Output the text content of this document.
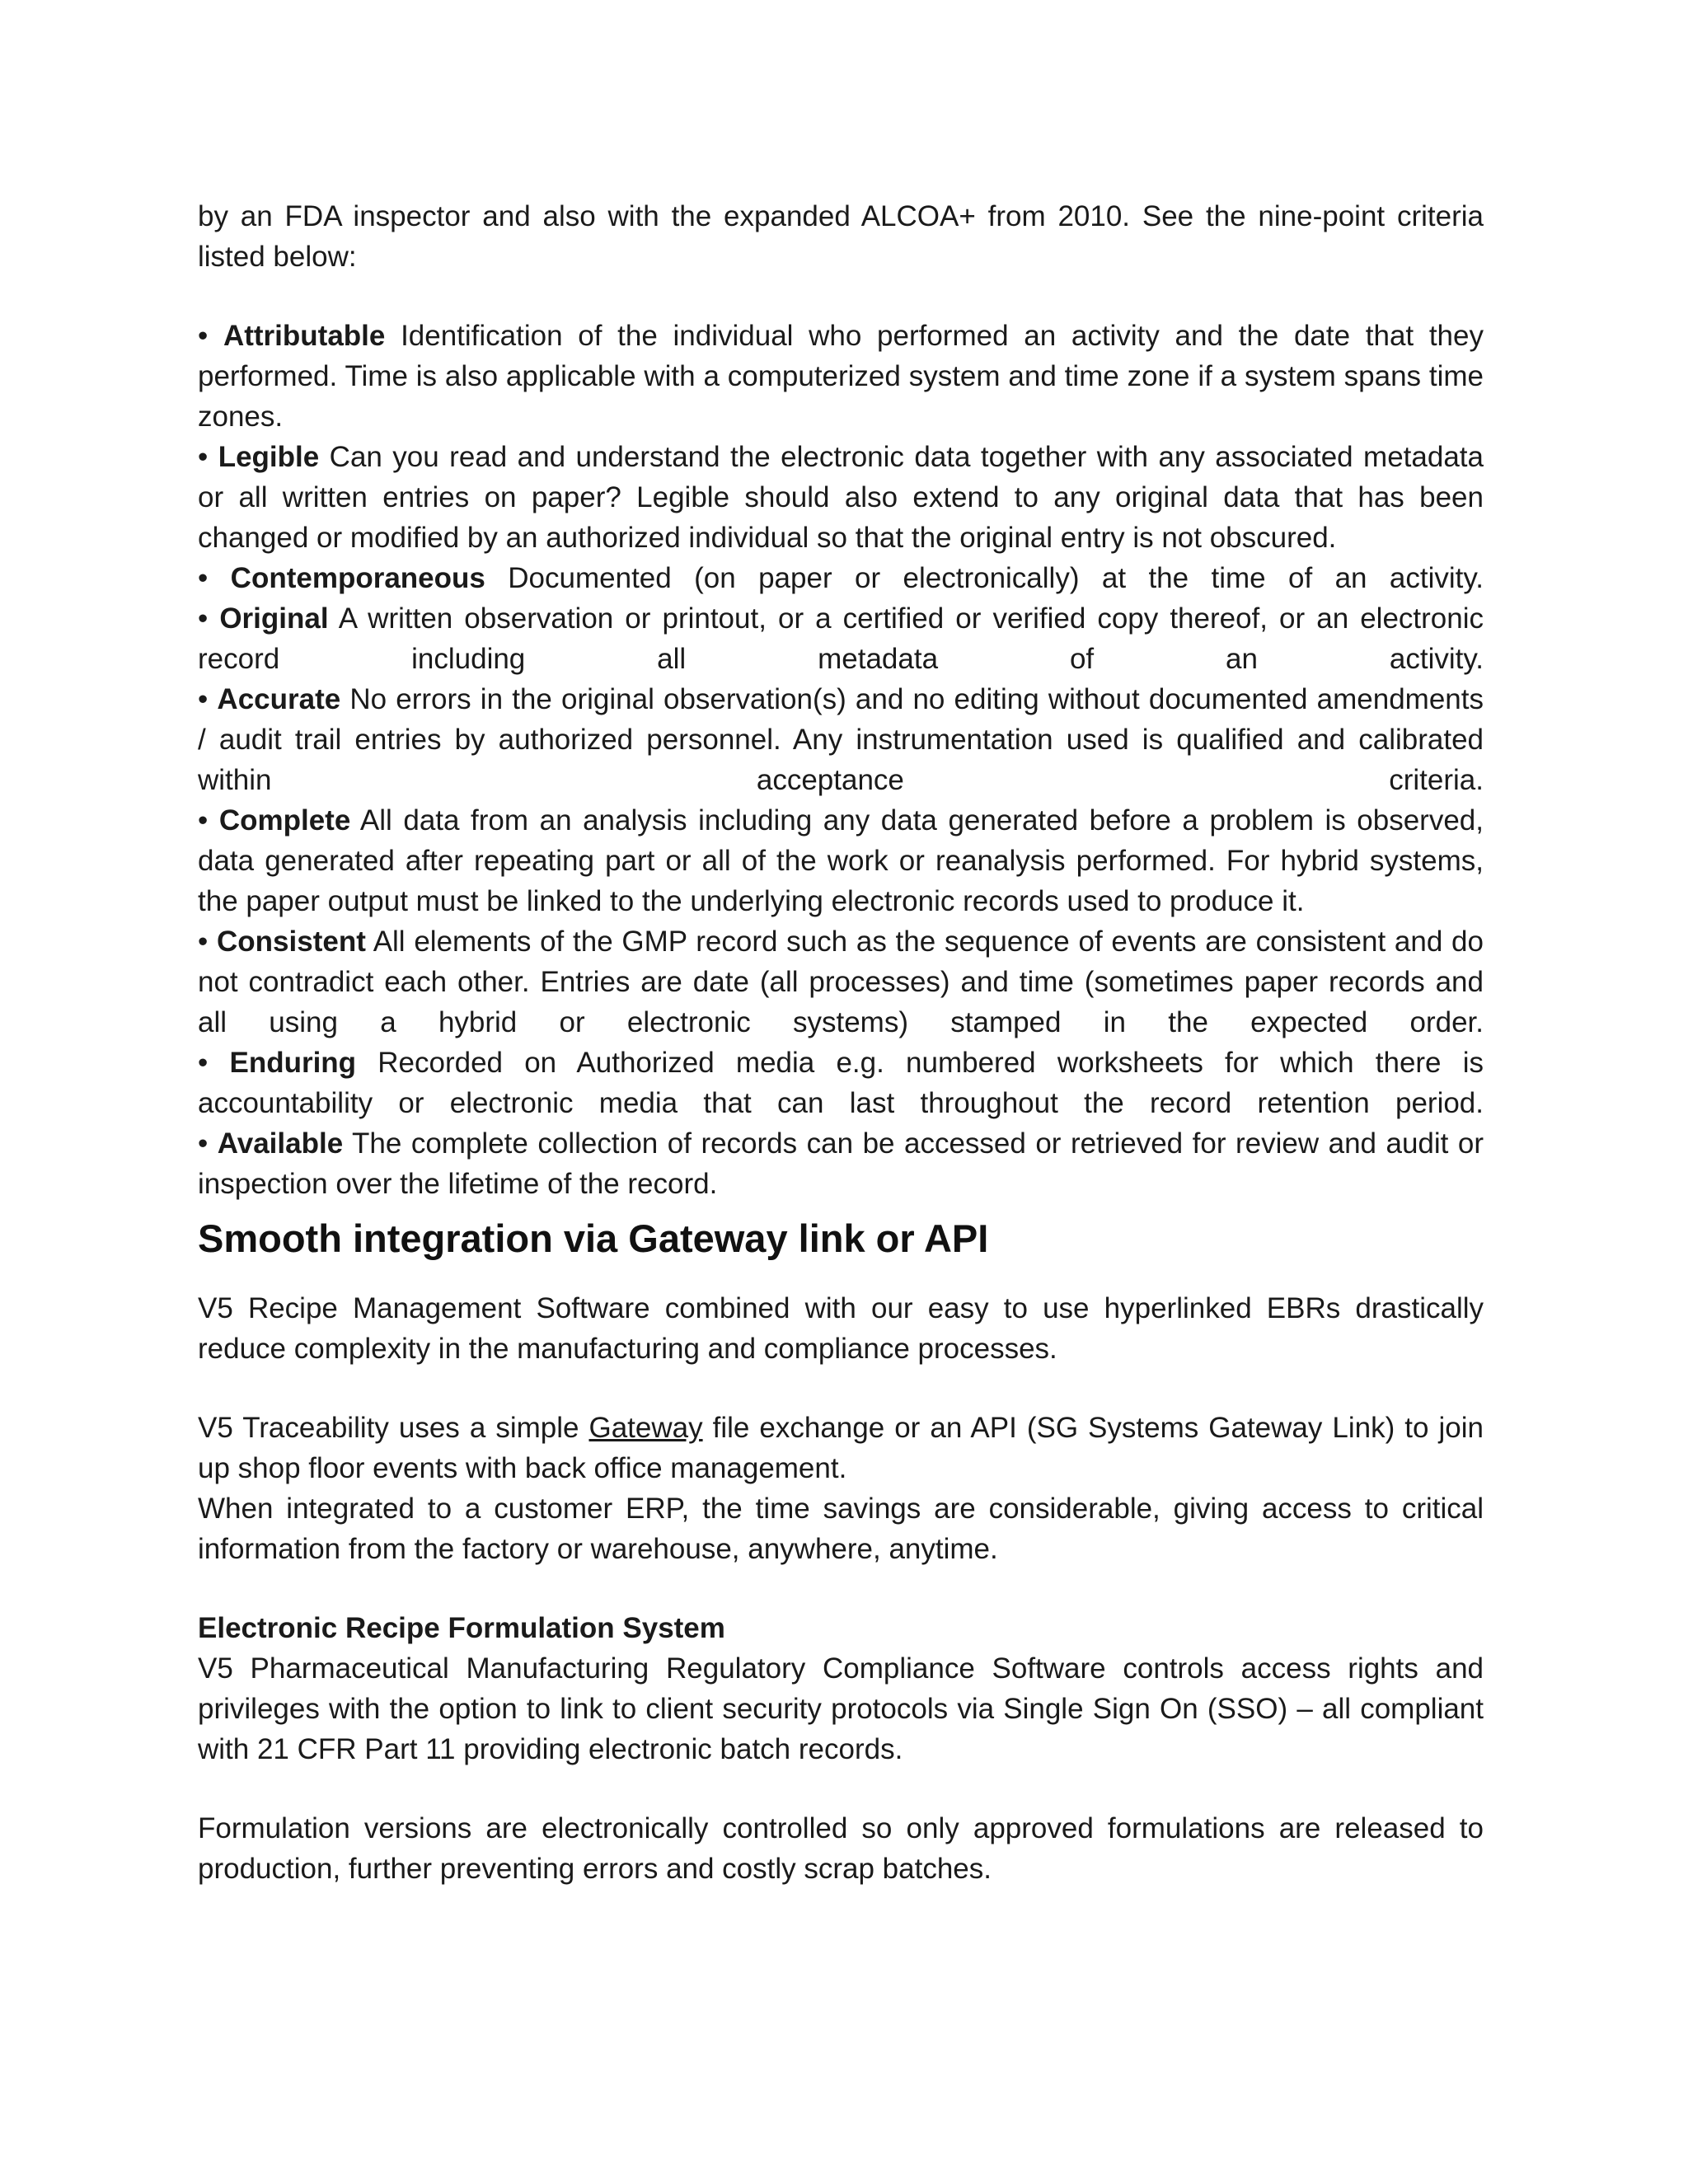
by an FDA inspector and also with the expanded ALCOA+ from 2010. See the nine-point criteria listed below:

• Attributable Identification of the individual who performed an activity and the date that they performed. Time is also applicable with a computerized system and time zone if a system spans time zones.

• Legible Can you read and understand the electronic data together with any associated metadata or all written entries on paper? Legible should also extend to any original data that has been changed or modified by an authorized individual so that the original entry is not obscured.

• Contemporaneous Documented (on paper or electronically) at the time of an activity.

• Original A written observation or printout, or a certified or verified copy thereof, or an electronic record including all metadata of an activity.

• Accurate No errors in the original observation(s) and no editing without documented amendments / audit trail entries by authorized personnel. Any instrumentation used is qualified and calibrated within acceptance criteria.

• Complete All data from an analysis including any data generated before a problem is observed, data generated after repeating part or all of the work or reanalysis performed. For hybrid systems, the paper output must be linked to the underlying electronic records used to produce it.

• Consistent All elements of the GMP record such as the sequence of events are consistent and do not contradict each other. Entries are date (all processes) and time (sometimes paper records and all using a hybrid or electronic systems) stamped in the expected order.

• Enduring Recorded on Authorized media e.g. numbered worksheets for which there is accountability or electronic media that can last throughout the record retention period.

• Available The complete collection of records can be accessed or retrieved for review and audit or inspection over the lifetime of the record.

Smooth integration via Gateway link or API

V5 Recipe Management Software combined with our easy to use hyperlinked EBRs drastically reduce complexity in the manufacturing and compliance processes.

V5 Traceability uses a simple Gateway file exchange or an API (SG Systems Gateway Link) to join up shop floor events with back office management.

When integrated to a customer ERP, the time savings are considerable, giving access to critical information from the factory or warehouse, anywhere, anytime.

Electronic Recipe Formulation System

V5 Pharmaceutical Manufacturing Regulatory Compliance Software controls access rights and privileges with the option to link to client security protocols via Single Sign On (SSO) – all compliant with 21 CFR Part 11 providing electronic batch records.

Formulation versions are electronically controlled so only approved formulations are released to production, further preventing errors and costly scrap batches.
